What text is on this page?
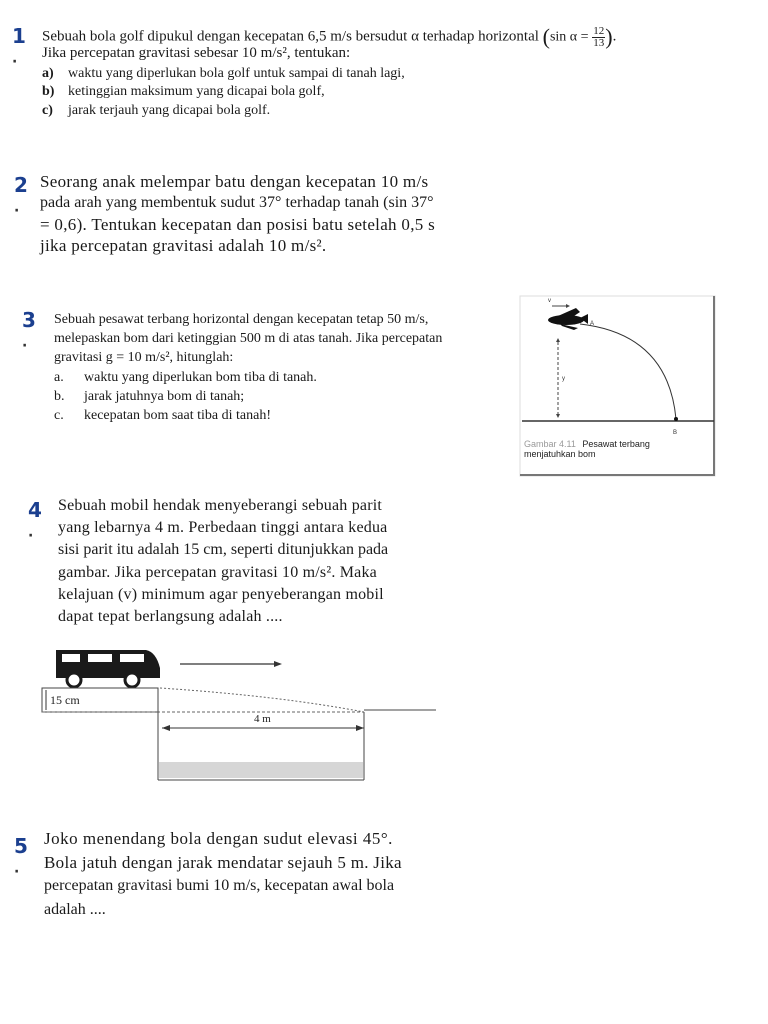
1 ·
Sebuah bola golf dipukul dengan kecepatan 6,5 m/s bersudut α terhadap horizontal (sin $\alpha = \frac{12}{13}$ ).
Jika percepatan gravitasi sebesar 10 m/s², tentukan:
a) waktu yang diperlukan bola golf untuk sampai di tanah lagi,
b) ketinggian maksimum yang dicapai bola golf,
c) jarak terjauh yang dicapai bola golf.
2 ·
Seorang anak melempar batu dengan kecepatan 10 m/s
pada arah yang membentuk sudut 37° terhadap tanah (sin 37°
= 0,6). Tentukan kecepatan dan posisi batu setelah 0,5 s
jika percepatan gravitasi adalah 10 m/s².
3 ·
Sebuah pesawat terbang horizontal dengan kecepatan tetap 50 m/s,
melepaskan bom dari ketinggian 500 m di atas tanah. Jika percepatan
gravitasi g = 10 m/s², hitunglah:
a. waktu yang diperlukan bom tiba di tanah.
b. jarak jatuhnya bom di tanah;
c. kecepatan bom saat tiba di tanah!
v
A
y
B
Gambar 4.11 Pesawat terbang
menjatuhkan bom
4 ·
Sebuah mobil hendak menyeberangi sebuah parit
yang lebarnya 4 m. Perbedaan tinggi antara kedua
sisi parit itu adalah 15 cm, seperti ditunjukkan pada
gambar. Jika percepatan gravitasi 10 m/s². Maka
kelajuan (v) minimum agar penyeberangan mobil
dapat tepat berlangsung adalah ....
15 cm
4 m
5 ·
Joko menendang bola dengan sudut elevasi 45°.
Bola jatuh dengan jarak mendatar sejauh 5 m. Jika
percepatan gravitasi bumi 10 m/s, kecepatan awal bola
adalah ....
